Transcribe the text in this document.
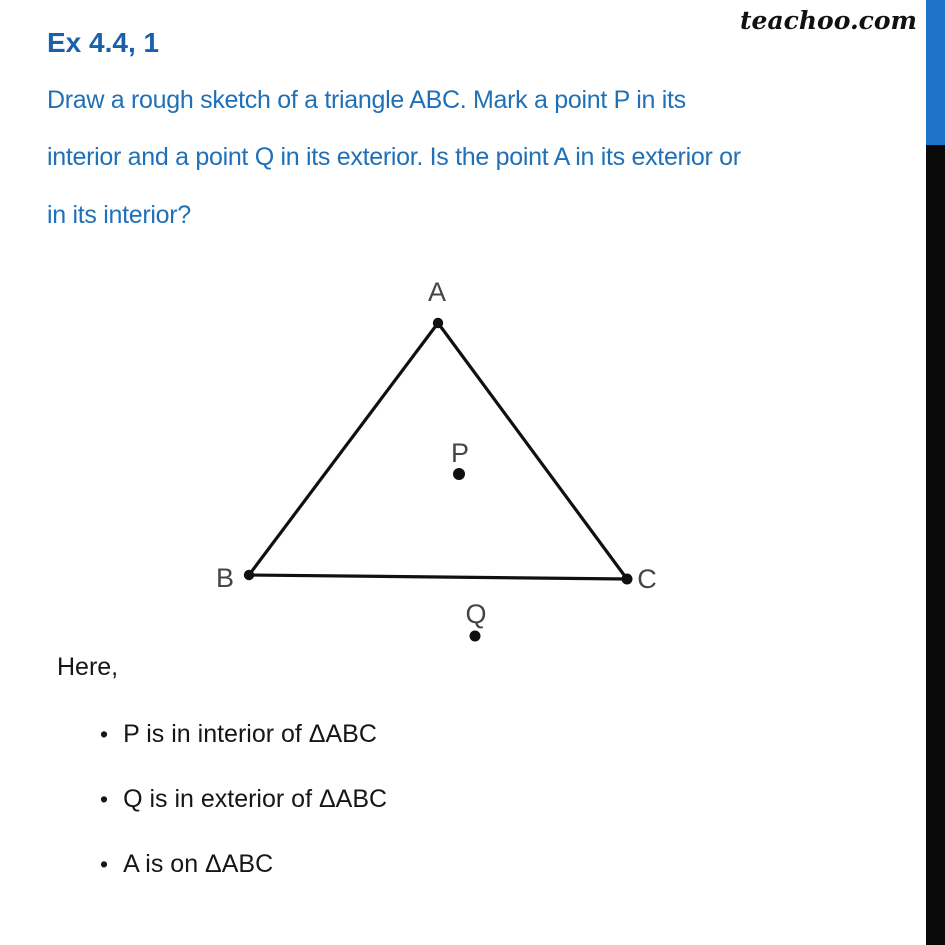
teachoo.com
Ex 4.4, 1
Draw a rough sketch of a triangle ABC. Mark a point P in its
interior and a point Q in its exterior. Is the point A in its exterior or
in its interior?
A
B	C
P
Q
Here,
• P is in interior of ΔABC
• Q is in exterior of ΔABC
• A is on ΔABC
